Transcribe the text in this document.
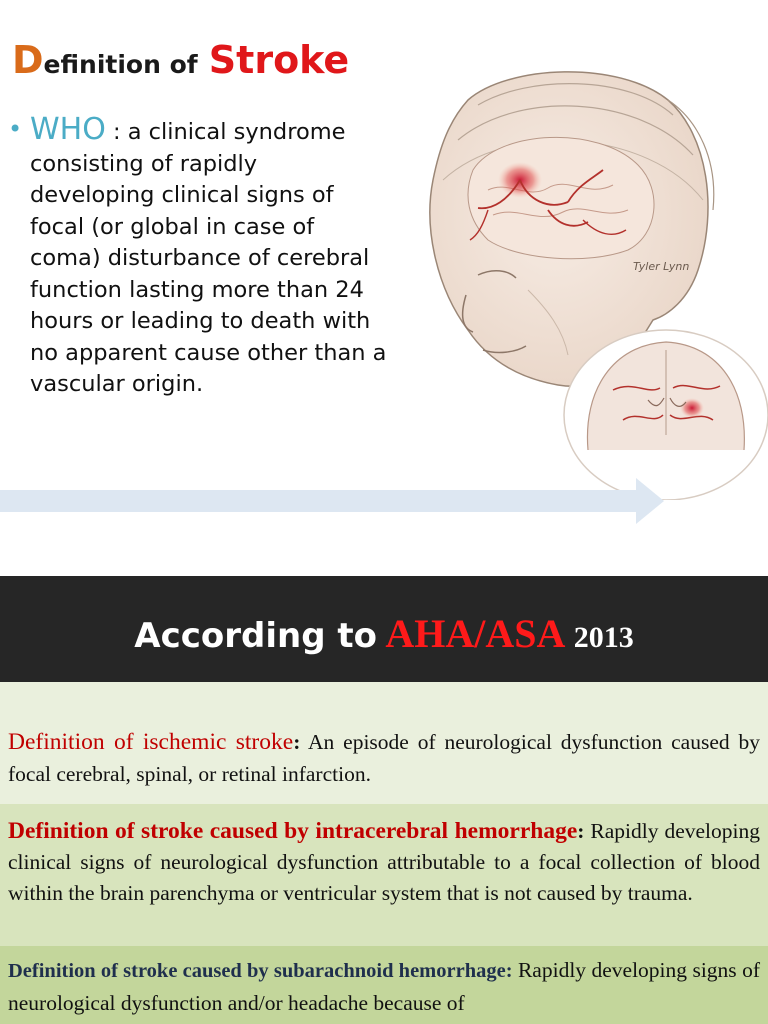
Definition of Stroke
• WHO : a clinical syndrome consisting of rapidly developing clinical signs of focal (or global in case of coma) disturbance of cerebral function lasting more than 24 hours or leading to death with no apparent cause other than a vascular origin.

Tyler Lynn
According to AHA/ASA 2013

Definition of ischemic stroke: An episode of neurological dysfunction caused by focal cerebral, spinal, or retinal infarction.

Definition of stroke caused by intracerebral hemorrhage: Rapidly developing clinical signs of neurological dysfunction attributable to a focal collection of blood within the brain parenchyma or ventricular system that is not caused by trauma.

Definition of stroke caused by subarachnoid hemorrhage: Rapidly developing signs of neurological dysfunction and/or headache because of
